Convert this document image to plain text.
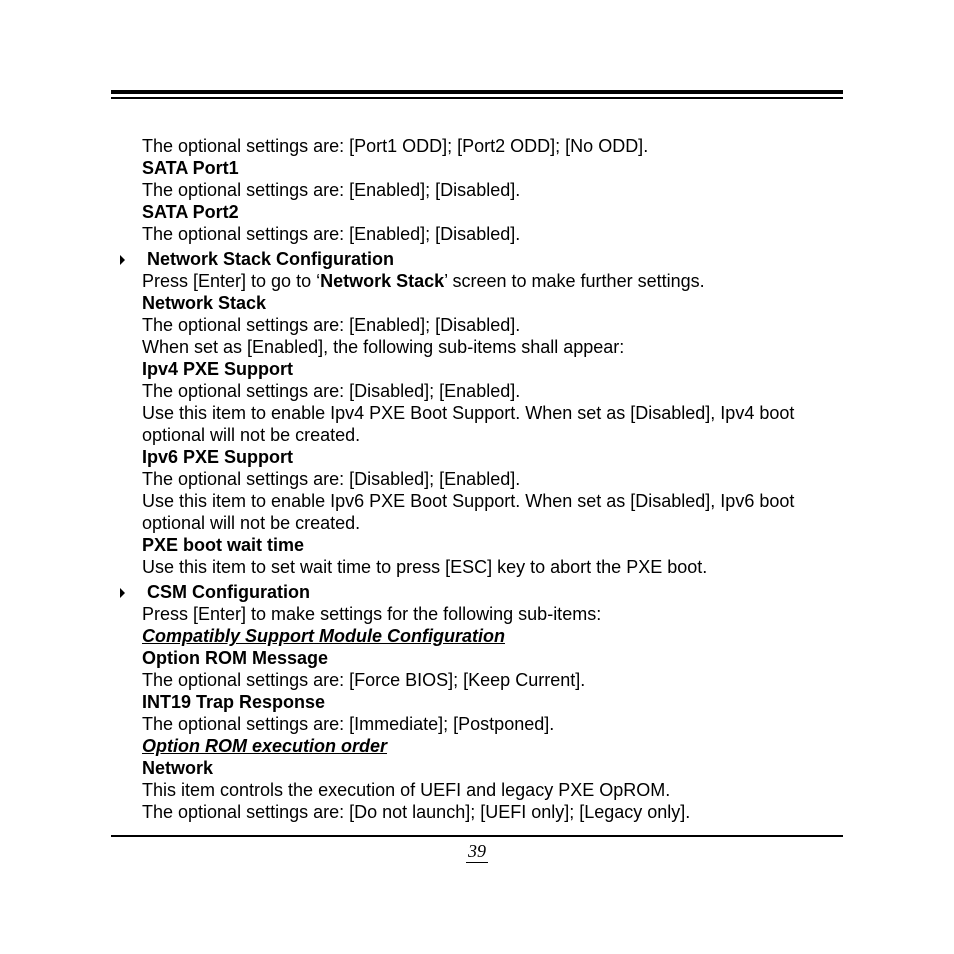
The optional settings are: [Port1 ODD]; [Port2 ODD]; [No ODD].
SATA Port1
The optional settings are: [Enabled]; [Disabled].
SATA Port2
The optional settings are: [Enabled]; [Disabled].
Network Stack Configuration
Press [Enter] to go to ‘Network Stack’ screen to make further settings.
Network Stack
The optional settings are: [Enabled]; [Disabled].
When set as [Enabled], the following sub-items shall appear:
Ipv4 PXE Support
The optional settings are: [Disabled]; [Enabled].
Use this item to enable Ipv4 PXE Boot Support. When set as [Disabled], Ipv4 boot optional will not be created.
Ipv6 PXE Support
The optional settings are: [Disabled]; [Enabled].
Use this item to enable Ipv6 PXE Boot Support. When set as [Disabled], Ipv6 boot optional will not be created.
PXE boot wait time
Use this item to set wait time to press [ESC] key to abort the PXE boot.
CSM Configuration
Press [Enter] to make settings for the following sub-items:
Compatibly Support Module Configuration
Option ROM Message
The optional settings are: [Force BIOS]; [Keep Current].
INT19 Trap Response
The optional settings are: [Immediate]; [Postponed].
Option ROM execution order
Network
This item controls the execution of UEFI and legacy PXE OpROM.
The optional settings are: [Do not launch]; [UEFI only]; [Legacy only].
39
